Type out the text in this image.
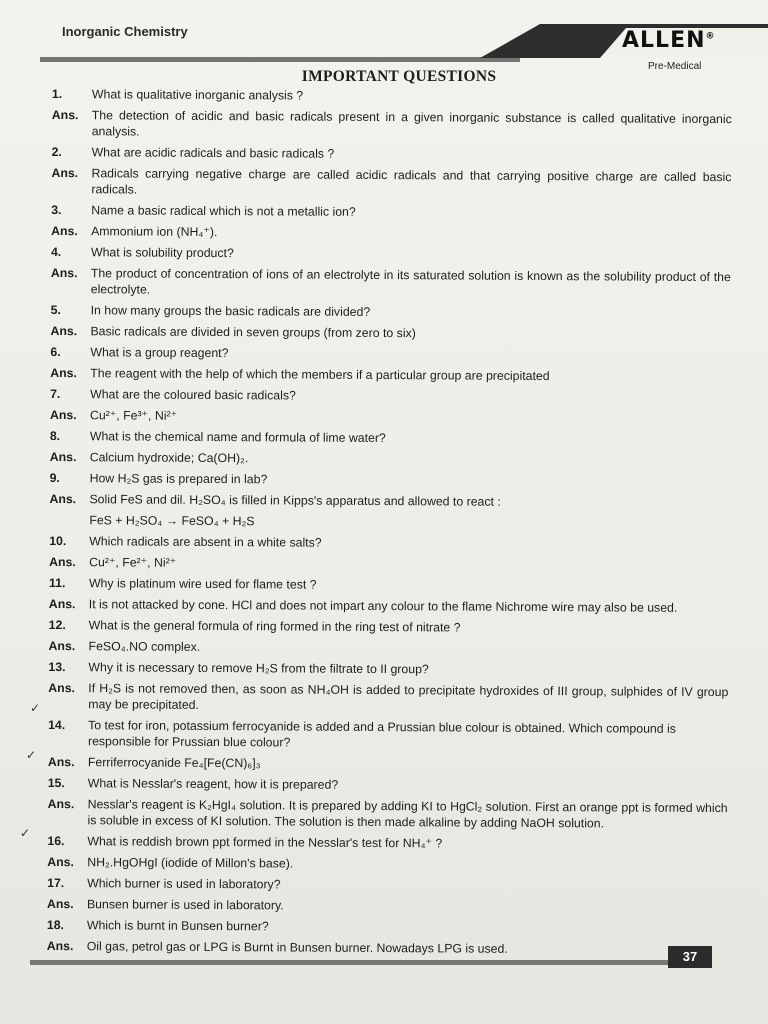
Inorganic Chemistry	ALLEN®
Pre-Medical
IMPORTANT QUESTIONS
1.	What is qualitative inorganic analysis ?
Ans.	The detection of acidic and basic radicals present in a given inorganic substance is called qualitative inorganic analysis.
2.	What are acidic radicals and basic radicals ?
Ans.	Radicals carrying negative charge are called acidic radicals and that carrying positive charge are called basic radicals.
3.	Name a basic radical which is not a metallic ion?
Ans.	Ammonium ion (NH₄⁺).
4.	What is solubility product?
Ans.	The product of concentration of ions of an electrolyte in its saturated solution is known as the solubility product of the electrolyte.
5.	In how many groups the basic radicals are divided?
Ans.	Basic radicals are divided in seven groups (from zero to six)
6.	What is a group reagent?
Ans.	The reagent with the help of which the members if a particular group are precipitated
7.	What are the coloured basic radicals?
Ans.	Cu²⁺, Fe³⁺, Ni²⁺
8.	What is the chemical name and formula of lime water?
Ans.	Calcium hydroxide; Ca(OH)₂.
9.	How H₂S gas is prepared in lab?
Ans.	Solid FeS and dil. H₂SO₄ is filled in Kipps's apparatus and allowed to react :
FeS + H₂SO₄ → FeSO₄ + H₂S
10.	Which radicals are absent in a white salts?
Ans.	Cu²⁺, Fe²⁺, Ni²⁺
11.	Why is platinum wire used for flame test ?
Ans.	It is not attacked by cone. HCl and does not impart any colour to the flame Nichrome wire may also be used.
12.	What is the general formula of ring formed in the ring test of nitrate ?
Ans.	FeSO₄.NO complex.
13.	Why it is necessary to remove H₂S from the filtrate to II group?
Ans.	If H₂S is not removed then, as soon as NH₄OH is added to precipitate hydroxides of III group, sulphides of IV group may be precipitated.
14.	To test for iron, potassium ferrocyanide is added and a Prussian blue colour is obtained. Which compound is responsible for Prussian blue colour?
Ans.	Ferriferrocyanide Fe₄[Fe(CN)₆]₃
15.	What is Nesslar's reagent, how it is prepared?
Ans.	Nesslar's reagent is K₂HgI₄ solution. It is prepared by adding KI to HgCl₂ solution. First an orange ppt is formed which is soluble in excess of KI solution. The solution is then made alkaline by adding NaOH solution.
16.	What is reddish brown ppt formed in the Nesslar's test for NH₄⁺ ?
Ans.	NH₂.HgOHgI (iodide of Millon's base).
17.	Which burner is used in laboratory?
Ans.	Bunsen burner is used in laboratory.
18.	Which is burnt in Bunsen burner?
Ans.	Oil gas, petrol gas or LPG is Burnt in Bunsen burner. Nowadays LPG is used.
✓
✓
✓
37
